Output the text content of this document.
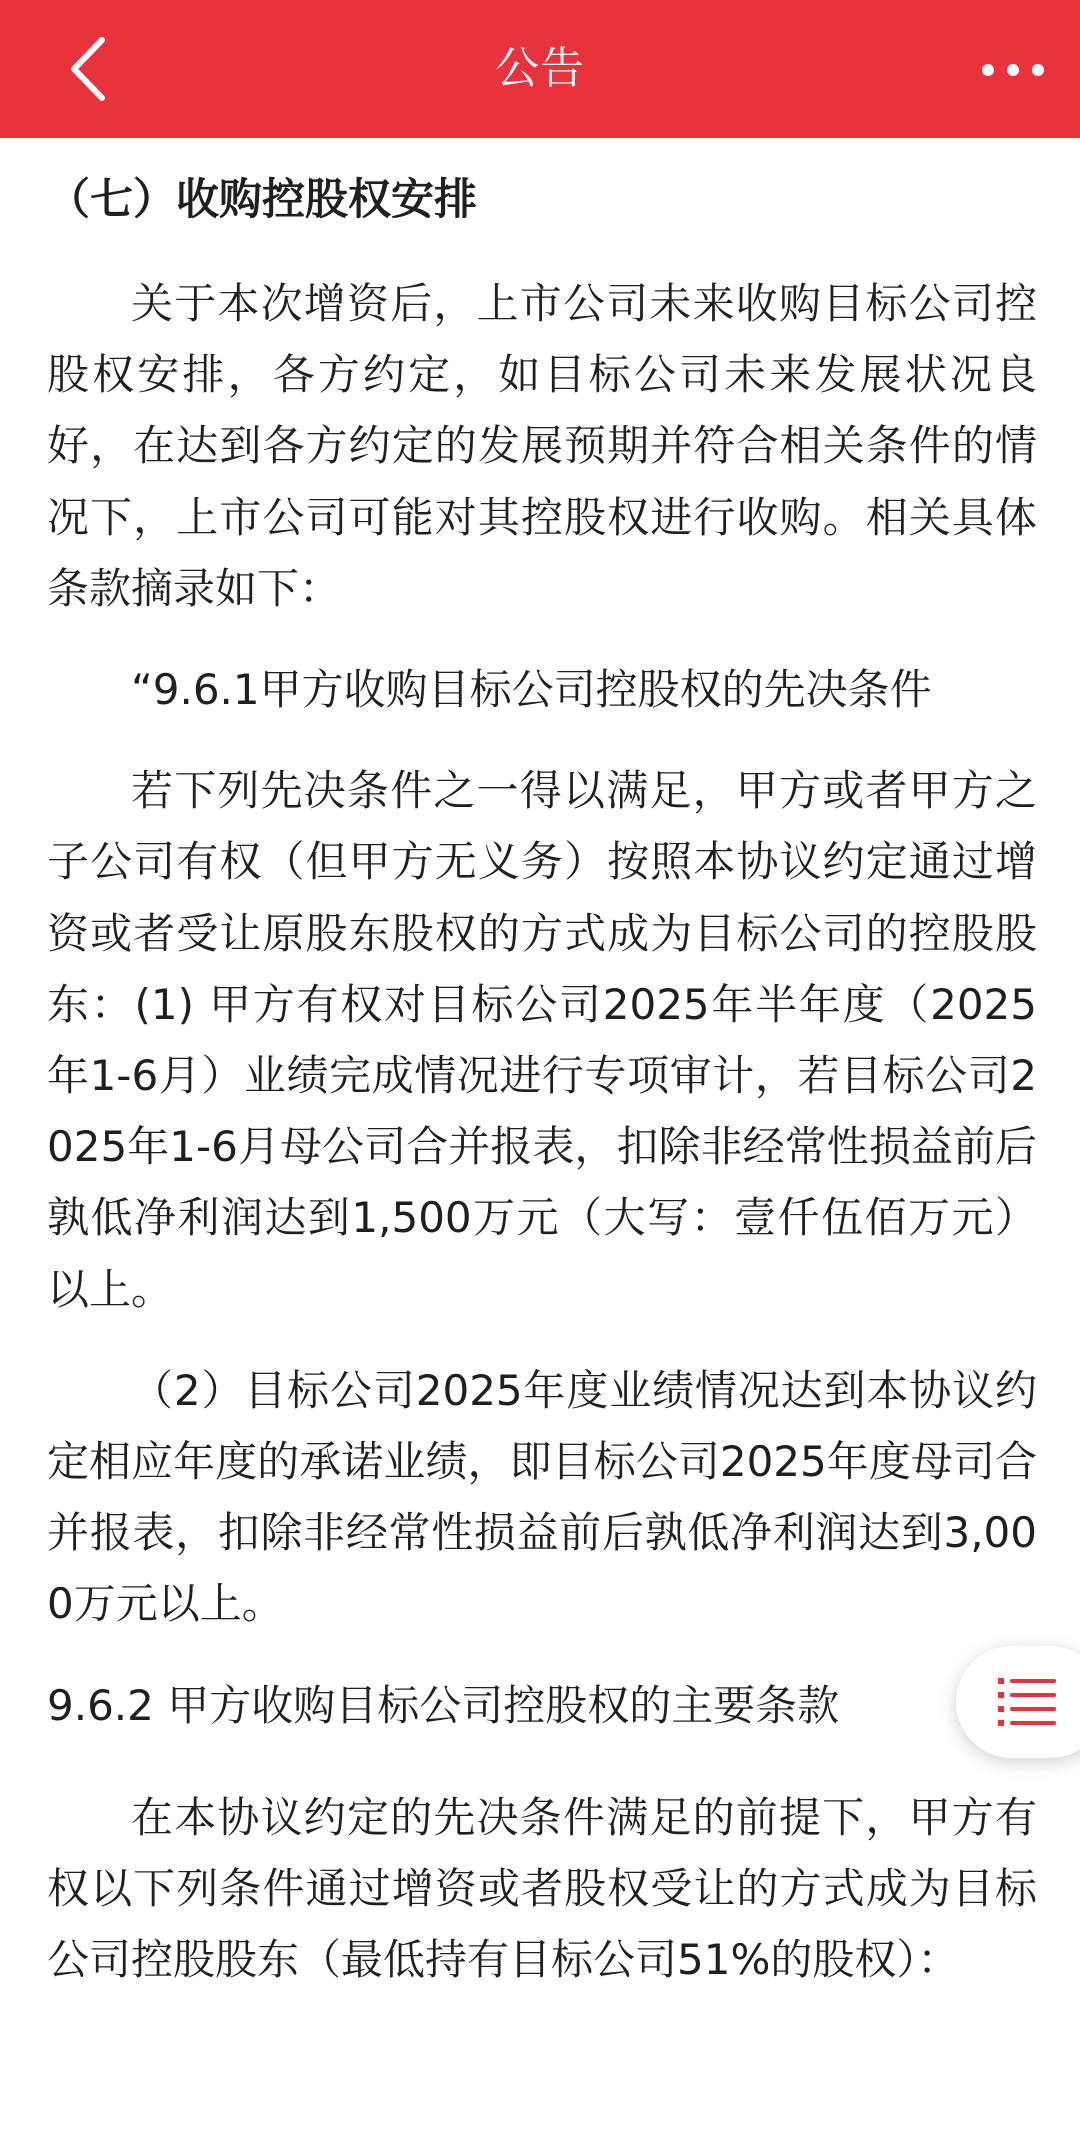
公告
（七）收购控股权安排
关于本次增资后，上市公司未来收购目标公司控股权安排，各方约定，如目标公司未来发展状况良好，在达到各方约定的发展预期并符合相关条件的情况下，上市公司可能对其控股权进行收购。相关具体条款摘录如下：
“9.6.1甲方收购目标公司控股权的先决条件
若下列先决条件之一得以满足，甲方或者甲方之子公司有权（但甲方无义务）按照本协议约定通过增资或者受让原股东股权的方式成为目标公司的控股股东：(1) 甲方有权对目标公司2025年半年度（2025年1-6月）业绩完成情况进行专项审计，若目标公司2025年1-6月母公司合并报表，扣除非经常性损益前后孰低净利润达到1,500万元（大写：壹仟伍佰万元）以上。
（2）目标公司2025年度业绩情况达到本协议约定相应年度的承诺业绩，即目标公司2025年度母司合并报表，扣除非经常性损益前后孰低净利润达到3,000万元以上。
9.6.2 甲方收购目标公司控股权的主要条款
在本协议约定的先决条件满足的前提下，甲方有权以下列条件通过增资或者股权受让的方式成为目标公司控股股东（最低持有目标公司51%的股权）：
